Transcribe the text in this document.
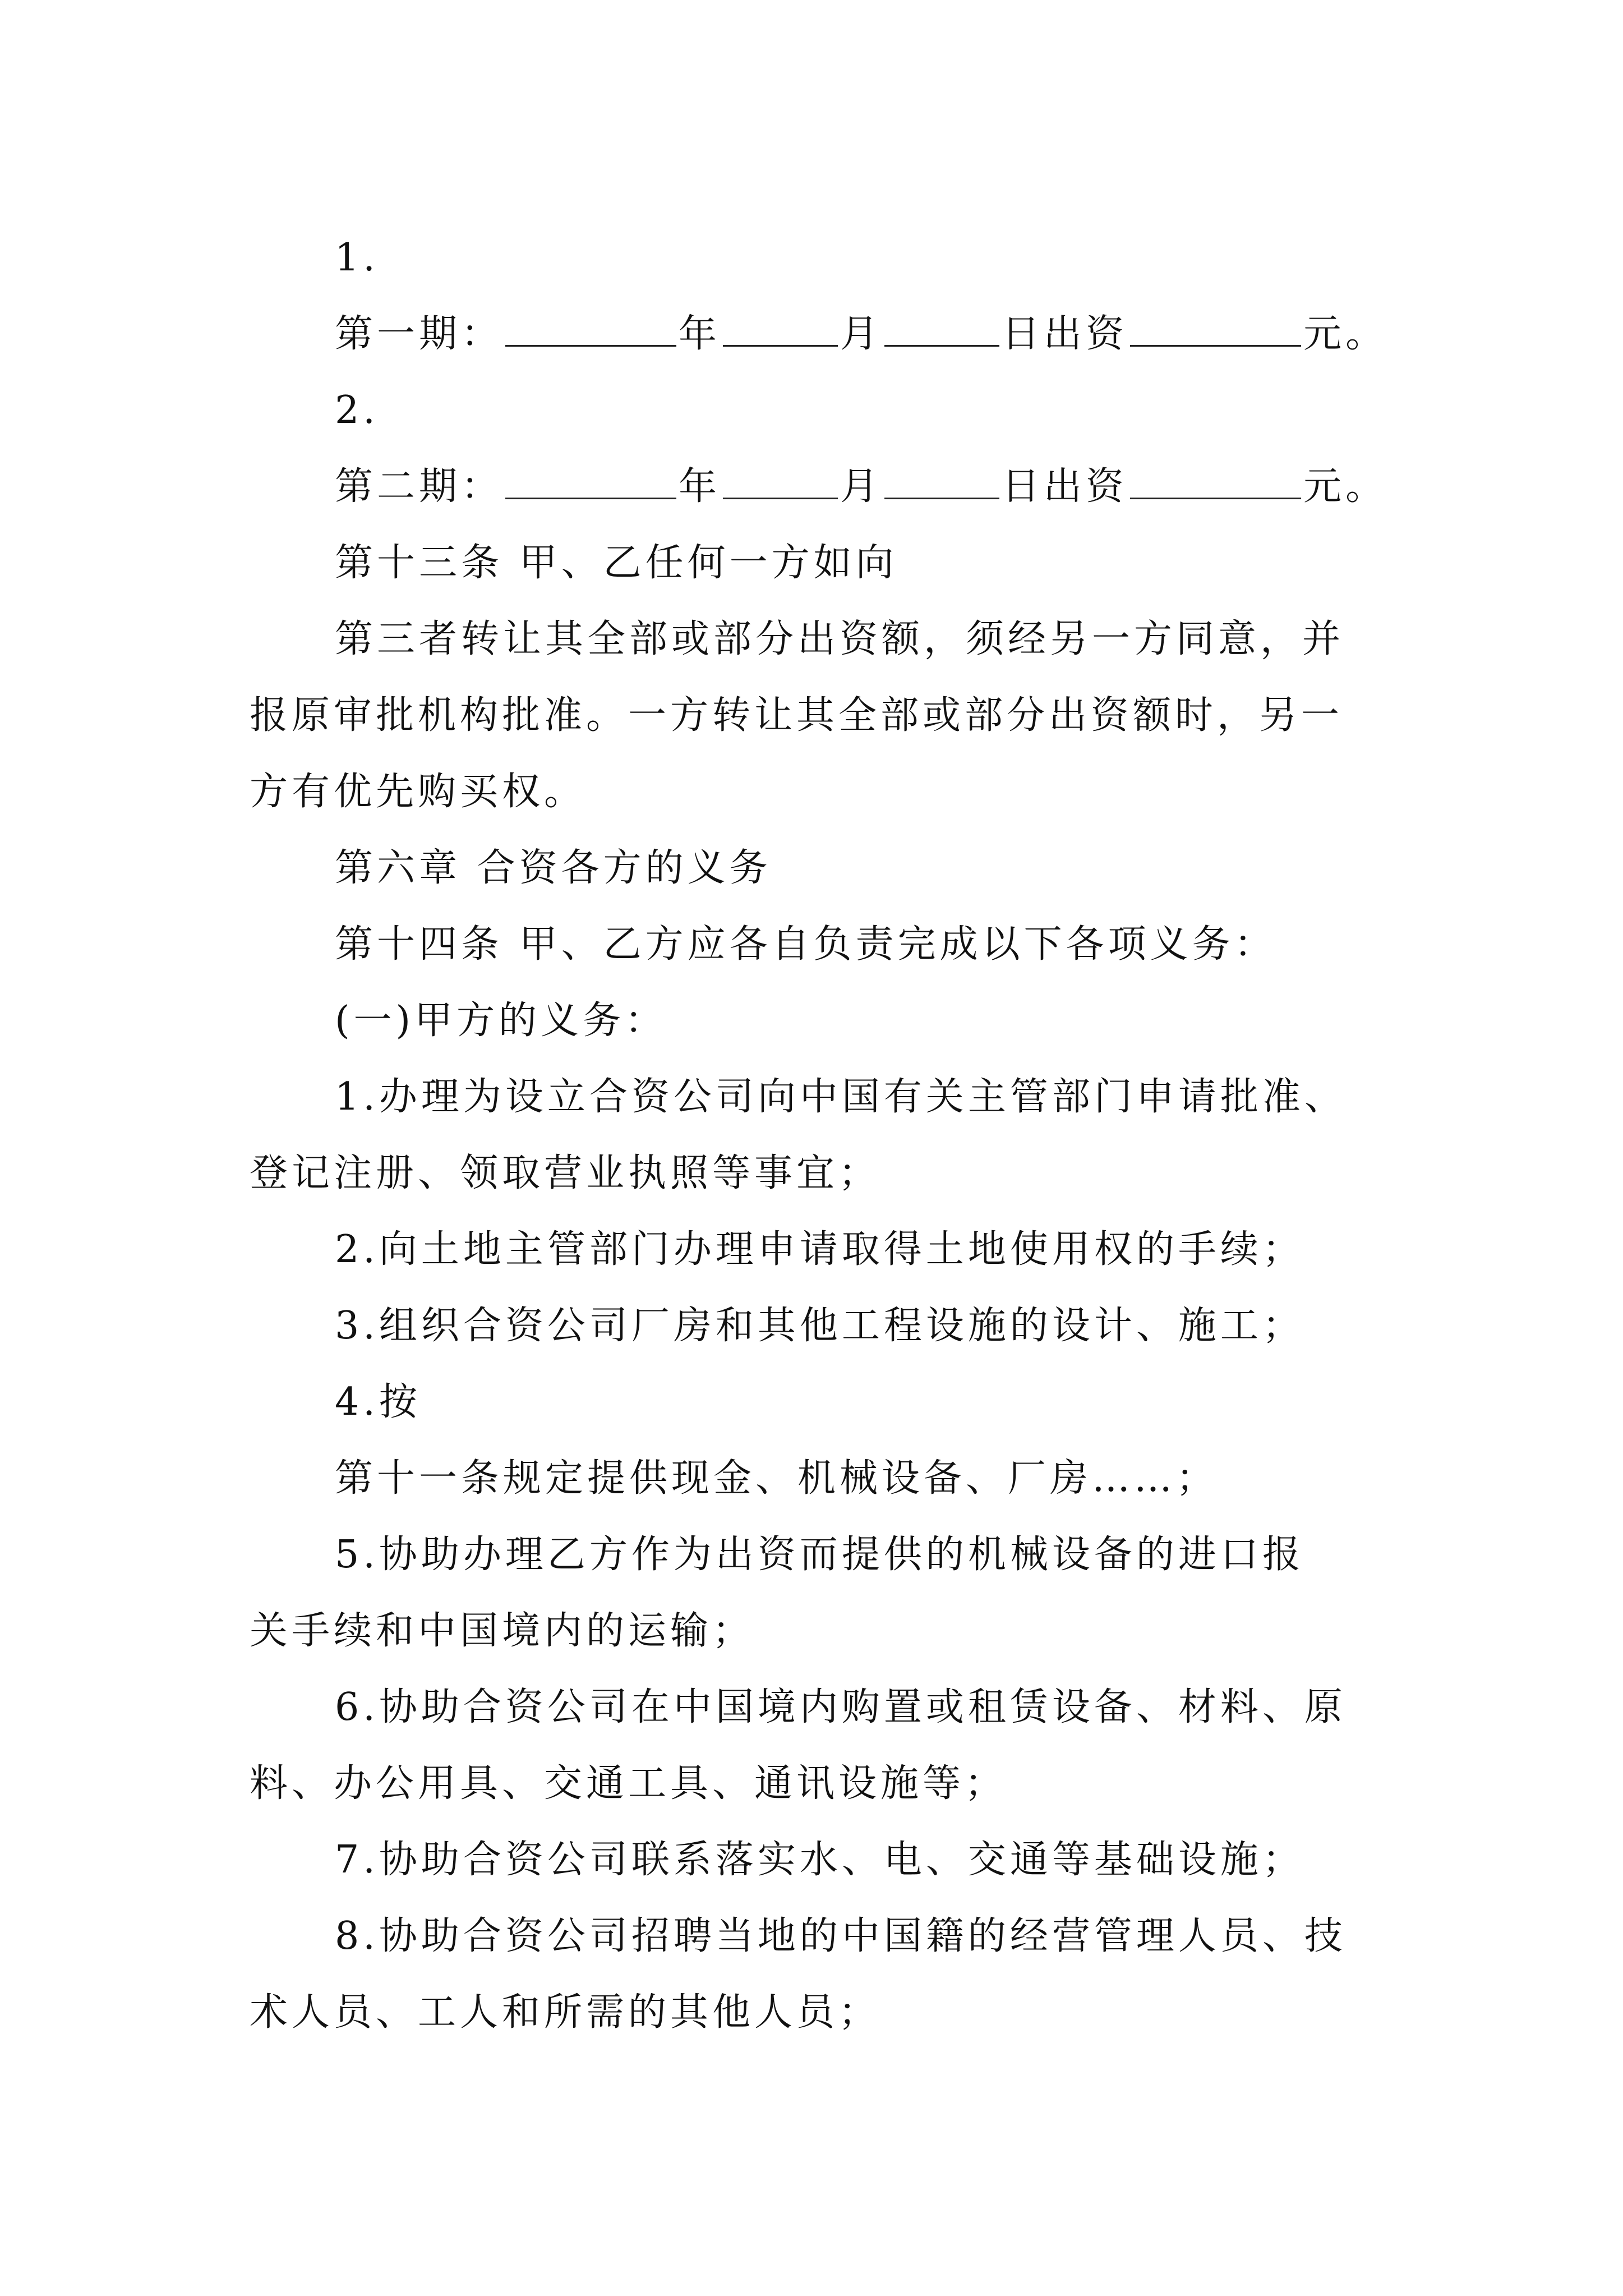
1.
第一期：	年	月	日出资	元。
2.
第二期：	年	月	日出资	元。
第十三条 甲、乙任何一方如向
第三者转让其全部或部分出资额，须经另一方同意，并
报原审批机构批准。一方转让其全部或部分出资额时，另一
方有优先购买权。
第六章 合资各方的义务
第十四条 甲、乙方应各自负责完成以下各项义务：
(一)甲方的义务：
1.办理为设立合资公司向中国有关主管部门申请批准、
登记注册、领取营业执照等事宜；
2.向土地主管部门办理申请取得土地使用权的手续；
3.组织合资公司厂房和其他工程设施的设计、施工；
4.按
第十一条规定提供现金、机械设备、厂房……；
5.协助办理乙方作为出资而提供的机械设备的进口报
关手续和中国境内的运输；
6.协助合资公司在中国境内购置或租赁设备、材料、原
料、办公用具、交通工具、通讯设施等；
7.协助合资公司联系落实水、电、交通等基础设施；
8.协助合资公司招聘当地的中国籍的经营管理人员、技
术人员、工人和所需的其他人员；
